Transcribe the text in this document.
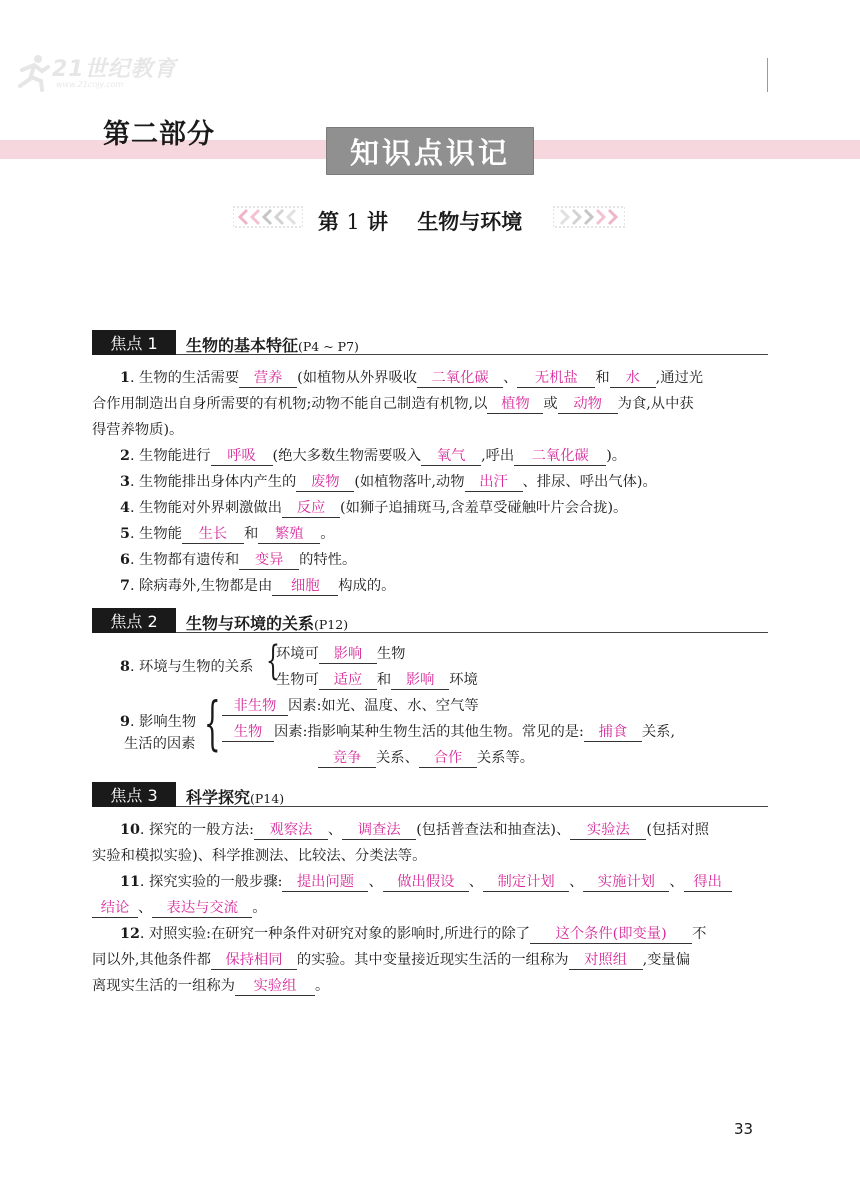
21世纪教育
www.21cnjy.com
第二部分
知识点识记
第 1 讲 生物与环境
焦点 1	生物的基本特征(P4 ~ P7)
1. 生物的生活需要 营养 (如植物从外界吸收 二氧化碳 、 无机盐 和 水 ,通过光
合作用制造出自身所需要的有机物;动物不能自己制造有机物,以 植物 或 动物 为食,从中获
得营养物质)。
2. 生物能进行 呼吸 (绝大多数生物需要吸入 氧气 ,呼出 二氧化碳 )。
3. 生物能排出身体内产生的 废物 (如植物落叶,动物 出汗 、排尿、呼出气体)。
4. 生物能对外界刺激做出 反应 (如狮子追捕斑马,含羞草受碰触叶片会合拢)。
5. 生物能 生长 和 繁殖 。
6. 生物都有遗传和 变异 的特性。
7. 除病毒外,生物都是由 细胞 构成的。
焦点 2	生物与环境的关系(P12)
8. 环境与生物的关系 {
环境可 影响 生物
生物可 适应 和 影响 环境
9. 影响生物
生活的因素 { 非生物 因素:如光、温度、水、空气等
生物 因素:指影响某种生物生活的其他生物。常见的是: 捕食 关系,
竞争 关系、 合作 关系等。
焦点 3	科学探究(P14)
10. 探究的一般方法: 观察法 、 调查法 (包括普查法和抽查法)、 实验法 (包括对照
实验和模拟实验)、科学推测法、比较法、分类法等。
11. 探究实验的一般步骤: 提出问题 、 做出假设 、 制定计划 、 实施计划 、 得出
结论 、 表达与交流 。
12. 对照实验:在研究一种条件对研究对象的影响时,所进行的除了 这个条件(即变量) 不
同以外,其他条件都 保持相同 的实验。其中变量接近现实生活的一组称为 对照组 ,变量偏
离现实生活的一组称为 实验组 。
33
